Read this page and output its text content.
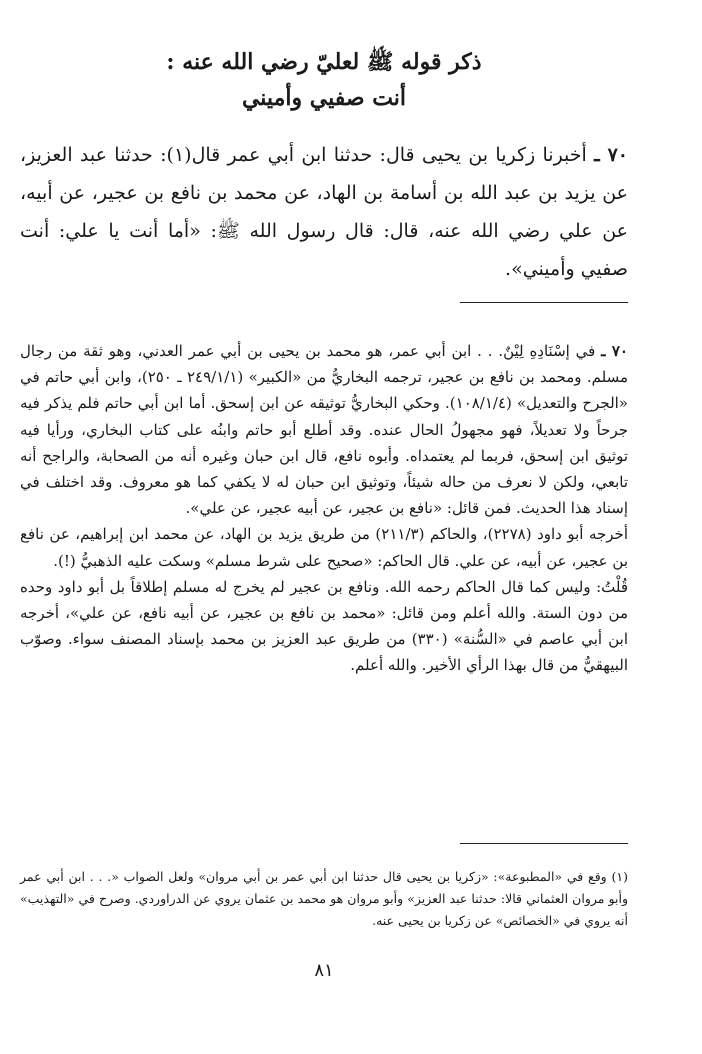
ذكر قوله ﷺ لعليّ رضي الله عنه :
أنت صفيي وأميني
٧٠ ـ أخبرنا زكريا بن يحيى قال: حدثنا ابن أبي عمر قال(١): حدثنا عبد العزيز، عن يزيد بن عبد الله بن أسامة بن الهاد، عن محمد بن نافع بن عجير، عن أبيه، عن علي رضي الله عنه، قال: قال رسول الله ﷺ: «أما أنت يا علي: أنت صفيي وأميني».

٧٠ ـ في إسْنَادِهِ لِيْنٌ. . . ابن أبي عمر، هو محمد بن يحيى بن أبي عمر العدني، وهو ثقة من رجال مسلم. ومحمد بن نافع بن عجير، ترجمه البخاريُّ من «الكبير» (٢٤٩/١/١ ـ ٢٥٠)، وابن أبي حاتم في «الجرح والتعديل» (١٠٨/١/٤). وحكي البخاريُّ توثيقه عن ابن إسحق. أما ابن أبي حاتم فلم يذكر فيه جرحاً ولا تعديلاً، فهو مجهولُ الحال عنده. وقد أطلع أبو حاتم وابنُه على كتاب البخاري، ورأيا فيه توثيق ابن إسحق، فربما لم يعتمداه. وأبوه نافع، قال ابن حبان وغيره أنه من الصحابة، والراجح أنه تابعي، ولكن لا نعرف من حاله شيئاً، وتوثيق ابن حبان له لا يكفي كما هو معروف. وقد اختلف في إسناد هذا الحديث. فمن قائل: «نافع بن عجير، عن أبيه عجير، عن علي».

أخرجه أبو داود (٢٢٧٨)، والحاكم (٢١١/٣) من طريق يزيد بن الهاد، عن محمد ابن إبراهيم، عن نافع بن عجير، عن أبيه، عن علي. قال الحاكم: «صحيح على شرط مسلم» وسكت عليه الذهبيُّ (!).

قُلْتُ: وليس كما قال الحاكم رحمه الله. ونافع بن عجير لم يخرج له مسلم إطلاقاً بل أبو داود وحده من دون الستة. والله أعلم ومن قائل: «محمد بن نافع بن عجير، عن أبيه نافع، عن علي»، أخرجه ابن أبي عاصم في «السُّنة» (٣٣٠) من طريق عبد العزيز بن محمد بإسناد المصنف سواء. وصوّب البيهقيُّ من قال بهذا الرأي الأخير. والله أعلم.

(١) وقع في «المطبوعة»: «زكريا بن يحيى قال حدثنا ابن أبي عمر بن أبي مروان» ولعل الصواب «. . . ابن أبي عمر وأبو مروان العثماني قالا: حدثنا عبد العزيز» وأبو مروان هو محمد بن عثمان يروي عن الدراوردي. وصرح في «التهذيب» أنه يروي في «الخصائص» عن زكريا بن يحيى عنه.
٨١
